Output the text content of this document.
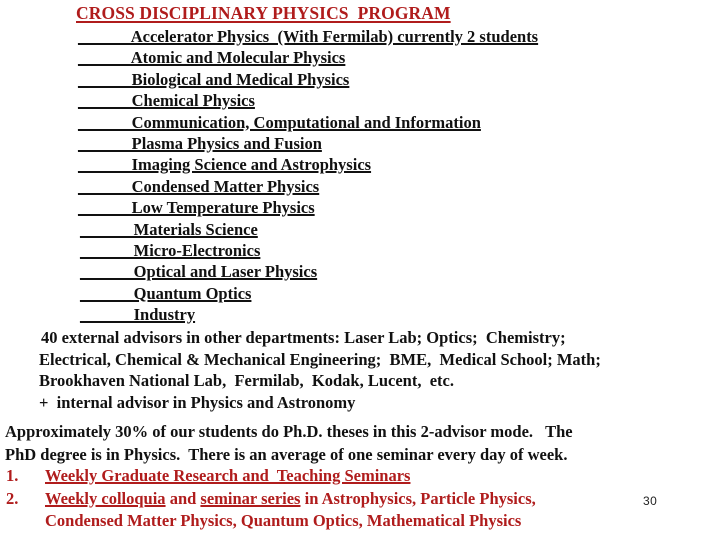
CROSS DISCIPLINARY PHYSICS  PROGRAM
______ Accelerator Physics  (With Fermilab) currently 2 students
______ Atomic and Molecular Physics
______ Biological and Medical Physics
______ Chemical Physics
______ Communication, Computational and Information
______ Plasma Physics and Fusion
______ Imaging Science and Astrophysics
______ Condensed Matter Physics
______ Low Temperature Physics
______ Materials Science
______ Micro-Electronics
______ Optical and Laser Physics
______ Quantum Optics
______ Industry
40 external advisors in other departments: Laser Lab; Optics;  Chemistry;
Electrical, Chemical & Mechanical Engineering;  BME,  Medical School; Math;
Brookhaven National Lab,  Fermilab,  Kodak, Lucent,  etc.
+  internal advisor in Physics and Astronomy
Approximately 30% of our students do Ph.D. theses in this 2-advisor mode.   The
PhD degree is in Physics.  There is an average of one seminar every day of week.
1.	Weekly Graduate Research and  Teaching Seminars
2.	Weekly colloquia and seminar series in Astrophysics, Particle Physics,
Condensed Matter Physics, Quantum Optics, Mathematical Physics
30
